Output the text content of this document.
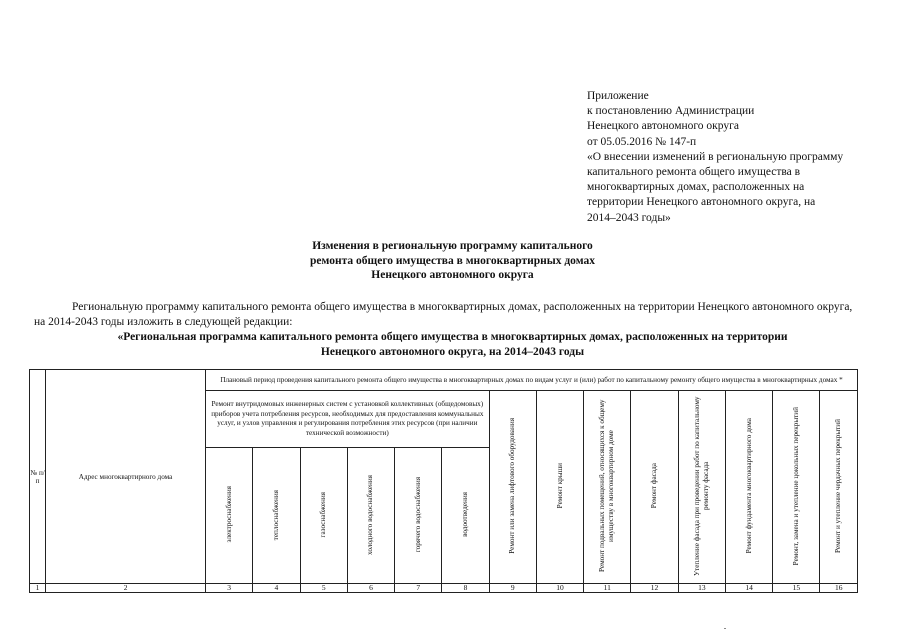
Приложение
к постановлению Администрации
Ненецкого автономного округа
от 05.05.2016 № 147-п
«О внесении изменений в региональную программу
капитального ремонта общего имущества в
многоквартирных домах, расположенных на
территории Ненецкого автономного округа, на
2014–2043 годы»
Изменения в региональную программу капитального
ремонта общего имущества в многоквартирных домах
Ненецкого автономного округа
Региональную программу капитального ремонта общего имущества в многоквартирных домах, расположенных на территории Ненецкого автономного округа,
на 2014-2043 годы изложить в следующей редакции:
«Региональная программа капитального ремонта общего имущества в многоквартирных домах, расположенных на территории
Ненецкого автономного округа, на 2014–2043 годы
№ п/п	Адрес многоквартирного дома	Плановый период проведения капитального ремонта общего имущества в многоквартирных домах по видам услуг и (или) работ по капитальному ремонту общего имущества в многоквартирных домах *													
		Ремонт внутридомовых инженерных систем с установкой коллективных (общедомовых) приборов учета потребления ресурсов, необходимых для предоставления коммунальных услуг, и узлов управления и регулирования потребления этих ресурсов (при наличии технической возможности)						Ремонт или замена лифтового оборудования	Ремонт крыши	Ремонт подвальных помещений, относящихся к общему имуществу в многоквартирном доме	Ремонт фасада	Утепление фасада при проведении работ по капитальному ремонту фасада	Ремонт фундамента многоквартирного дома	Ремонт, замена и утепление цокольных перекрытий	Ремонт и утепление чердачных перекрытий
		электроснабжения	теплоснабжения	газоснабжения	холодного водоснабжения	горячего водоснабжения	водоотведения								
1	2	3	4	5	6	7	8	9	10	11	12	13	14	15	16
